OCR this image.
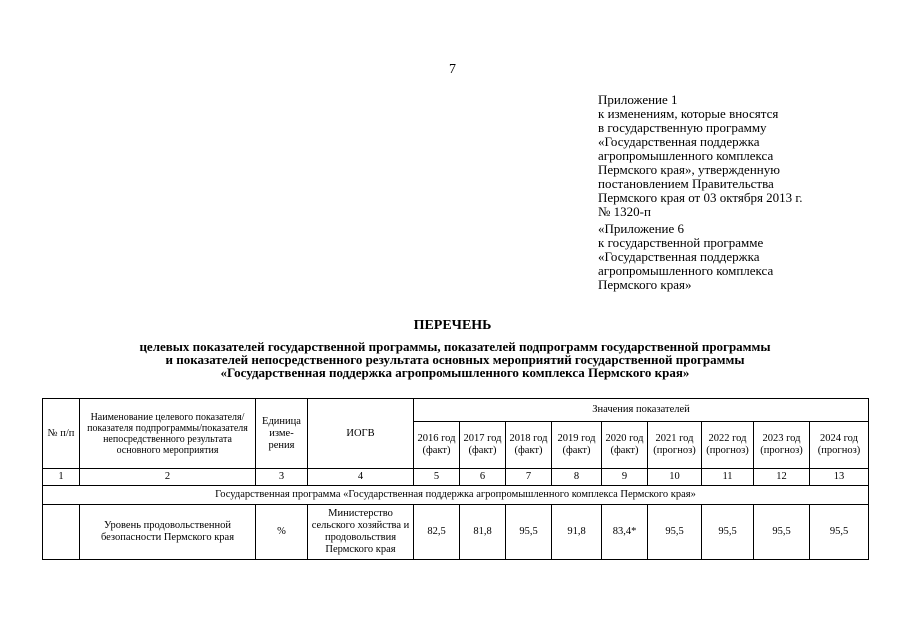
7
Приложение 1
к изменениям, которые вносятся
в государственную программу
«Государственная поддержка
агропромышленного комплекса
Пермского края», утвержденную
постановлением Правительства
Пермского края от 03 октября 2013 г.
№ 1320-п
«Приложение 6
к государственной программе
«Государственная поддержка
агропромышленного комплекса
Пермского края»
ПЕРЕЧЕНЬ
целевых показателей государственной программы, показателей подпрограмм государственной программы
и показателей непосредственного результата основных мероприятий государственной программы
«Государственная поддержка агропромышленного комплекса Пермского края»
№ п/п	Наименование целевого показателя/показателя подпрограммы/показателя непосредственного результата основного мероприятия	Единица изме-рения	ИОГВ	Значения показателей								
				2016 год (факт)	2017 год (факт)	2018 год (факт)	2019 год (факт)	2020 год (факт)	2021 год (прогноз)	2022 год (прогноз)	2023 год (прогноз)	2024 год (прогноз)
1	2	3	4	5	6	7	8	9	10	11	12	13
Государственная программа «Государственная поддержка агропромышленного комплекса Пермского края»												
	Уровень продовольственной безопасности Пермского края	%	Министерство сельского хозяйства и продовольствия Пермского края	82,5	81,8	95,5	91,8	83,4*	95,5	95,5	95,5	95,5
